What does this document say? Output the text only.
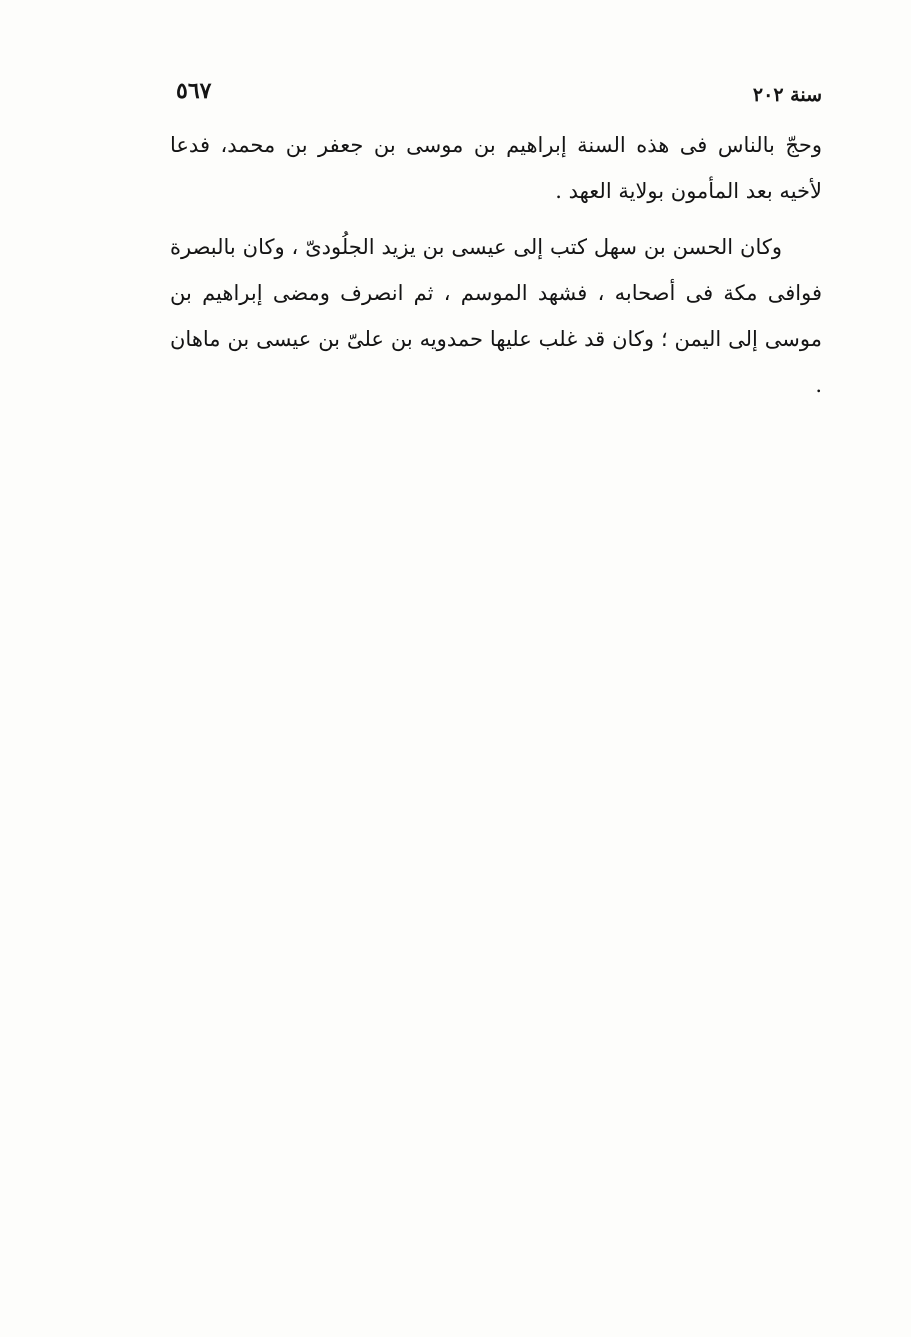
٥٦٧	سنة ٢٠٢

وحجّ بالناس فى هذه السنة إبراهيم بن موسى بن جعفر بن محمد، فدعا لأخيه بعد المأمون بولاية العهد .

وكان الحسن بن سهل كتب إلى عيسى بن يزيد الجلُودىّ ، وكان بالبصرة فوافى مكة فى أصحابه ، فشهد الموسم ، ثم انصرف ومضى إبراهيم بن موسى إلى اليمن ؛ وكان قد غلب عليها حمدويه بن علىّ بن عيسى بن ماهان .
